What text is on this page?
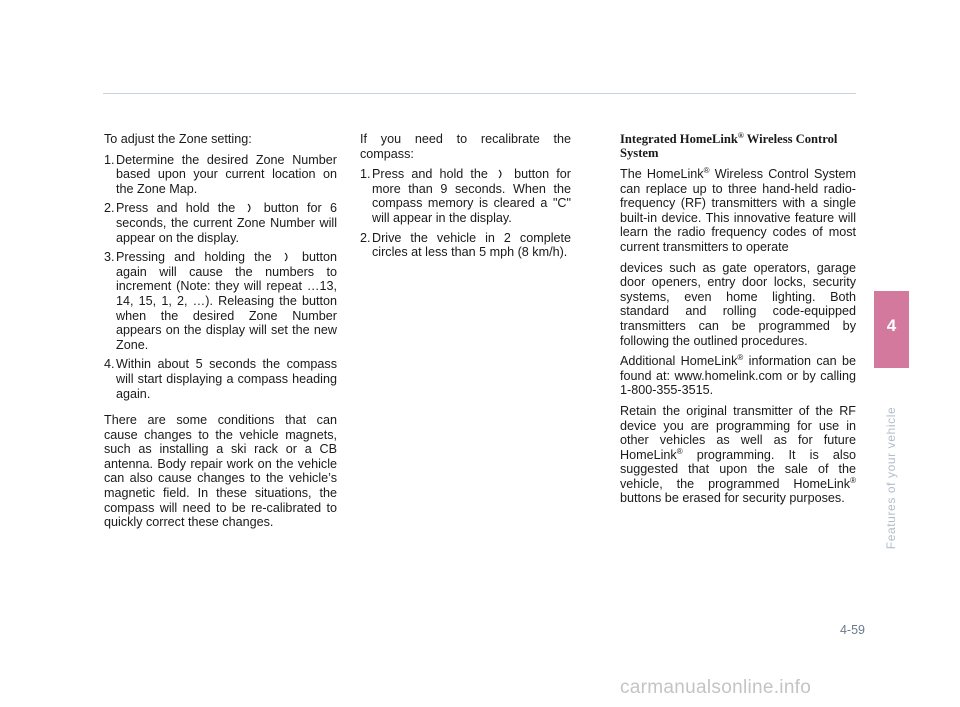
To adjust the Zone setting:

1. Determine the desired Zone Number based upon your current location on the Zone Map.
2. Press and hold the button for 6 seconds, the current Zone Number will appear on the display.
3. Pressing and holding the button again will cause the numbers to increment (Note: they will repeat …13, 14, 15, 1, 2, …). Releasing the button when the desired Zone Number appears on the display will set the new Zone.
4. Within about 5 seconds the compass will start displaying a compass heading again.

There are some conditions that can cause changes to the vehicle magnets, such as installing a ski rack or a CB antenna. Body repair work on the vehicle can also cause changes to the vehicle’s magnetic field. In these situations, the compass will need to be re-calibrated to quickly correct these changes.

If you need to recalibrate the compass:

1. Press and hold the button for more than 9 seconds. When the compass memory is cleared a "C" will appear in the display.
2. Drive the vehicle in 2 complete circles at less than 5 mph (8 km/h).
Integrated HomeLink® Wireless Control System

The HomeLink® Wireless Control System can replace up to three hand-held radio-frequency (RF) transmitters with a single built-in device. This innovative feature will learn the radio frequency codes of most current transmitters to operate

devices such as gate operators, garage door openers, entry door locks, security systems, even home lighting. Both standard and rolling code-equipped transmitters can be programmed by following the outlined procedures.

Additional HomeLink® information can be found at: www.homelink.com or by calling 1-800-355-3515.

Retain the original transmitter of the RF device you are programming for use in other vehicles as well as for future HomeLink® programming. It is also suggested that upon the sale of the vehicle, the programmed HomeLink® buttons be erased for security purposes.

4
Features of your vehicle
4-59
carmanualsonline.info
